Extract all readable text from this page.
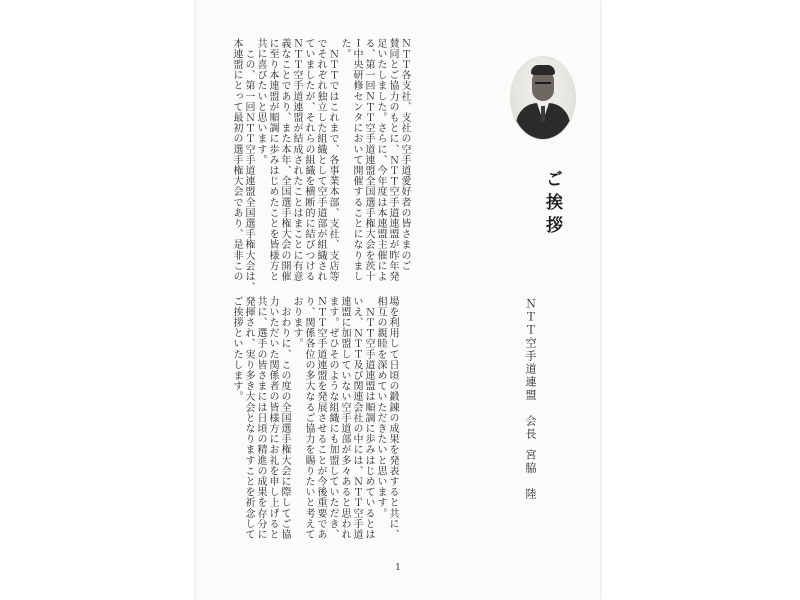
ＮＴＴ各支社、支社の空手道愛好者の皆さまのご
賛同とご協力のもとに、ＮＴＴ空手道連盟が昨年発
足いたしました。さらに、今年度は本連盟主催によ
る、第一回ＮＴＴ空手道連盟全国選手権大会を茨十
Ｉ中央研修センタにおいて開催することになりまし
た。
　ＮＴＴではこれまで、各事業本部、支社、支店等
でそれぞれ独立した組織として空手道部が組織され
ていましたが、それらの組織を横断的に結びつける
ＮＴＴ空手道連盟が結成されたことはまことに有意
義なことであり、また本年、全国選手権大会の開催
に至り本連盟が順調に歩みはじめたことを皆様方と
共に喜びたいと思います。
　この、第一回ＮＴＴ空手道連盟全国選手権大会は、
本連盟にとって最初の選手権大会であり、是非この	ご挨拶
ＮＴＴ空手道連盟　会長宮脇　陸
場を利用して日頃の鍛錬の成果を発表すると共に、
相互の親睦を深めていただきたいと思います。
　ＮＴＴ空手道連盟は順調に歩みはじめているとは
いえ、ＮＴＴ及び関連会社の中には、ＮＴＴ空手道
連盟に加盟していない空手道部が多々あると思われ
ます。ぜひそのような組織にも加盟していただき、
ＮＴＴ空手道連盟を発展させることが今後重要であ
り、関係各位の多大なるご協力を賜りたいと考えて
おります。
　おわりに、この度の全国選手権大会に際してご協
力いただいた関係者の皆様方にお礼を申し上げると
共に、選手の皆さまには日頃の精進の成果を存分に
発揮され、実り多き大会となりますことを祈念して
ご挨拶といたします。
1
